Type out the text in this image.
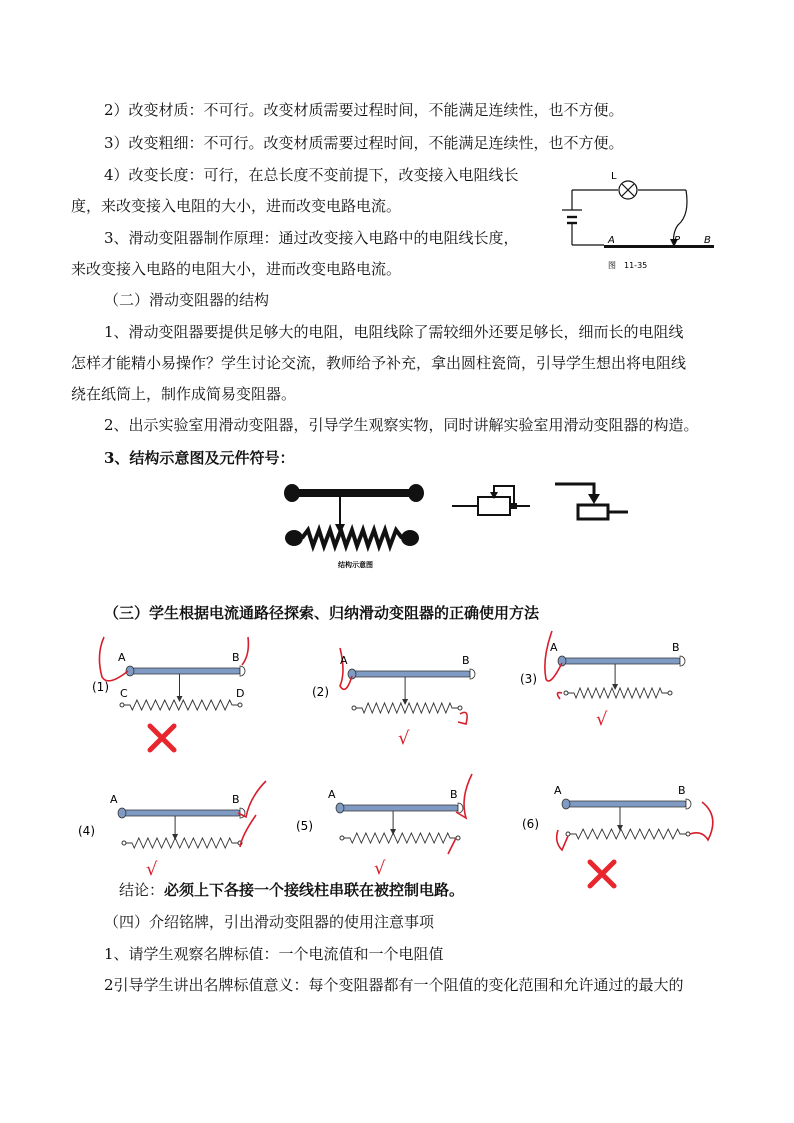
2）改变材质：不可行。改变材质需要过程时间，不能满足连续性，也不方便。
3）改变粗细：不可行。改变材质需要过程时间，不能满足连续性，也不方便。
4）改变长度：可行，在总长度不变前提下，改变接入电阻线长
度，来改变接入电阻的大小，进而改变电路电流。
3、滑动变阻器制作原理：通过改变接入电路中的电阻线长度，
来改变接入电路的电阻大小，进而改变电路电流。
（二）滑动变阻器的结构
1、滑动变阻器要提供足够大的电阻，电阻线除了需较细外还要足够长，细而长的电阻线
怎样才能精小易操作？学生讨论交流，教师给予补充，拿出圆柱瓷筒，引导学生想出将电阻线
绕在纸筒上，制作成简易变阻器。
2、出示实验室用滑动变阻器，引导学生观察实物，同时讲解实验室用滑动变阻器的构造。
3、结构示意图及元件符号：
（三）学生根据电流通路径探索、归纳滑动变阻器的正确使用方法
结论：必须上下各接一个接线柱串联在被控制电路。
（四）介绍铭牌，引出滑动变阻器的使用注意事项
1、请学生观察名牌标值：一个电流值和一个电阻值
2引导学生讲出名牌标值意义：每个变阻器都有一个阻值的变化范围和允许通过的最大的
L
A	P B
图　11-35
结构示意图
A	B
C	D
(1)
A	B
(2)
√
A	B
(3)
√
A	B
(4)
√
A	B
(5)
√
A	B
(6)
